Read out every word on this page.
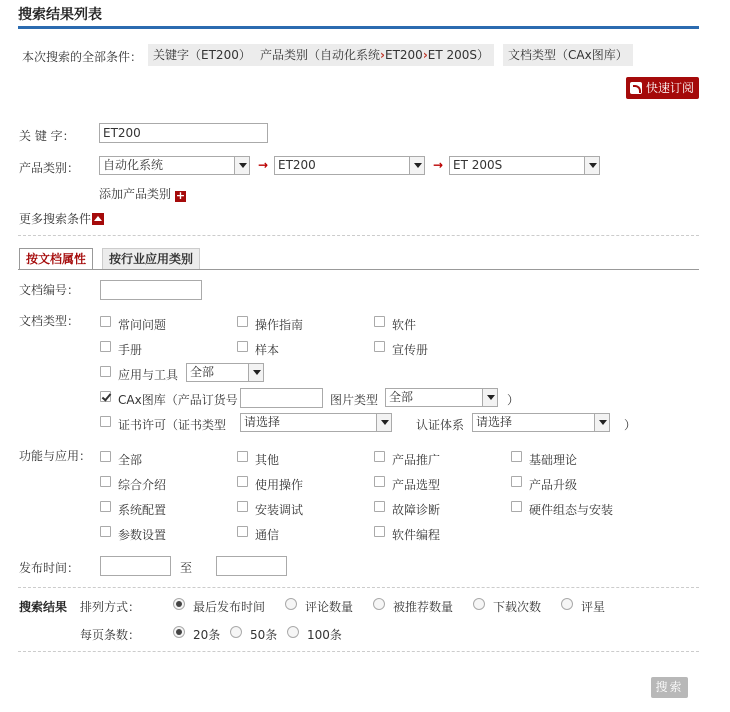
搜索结果列表
本次搜索的全部条件： 关键字（ET200） 产品类别（自动化系统›ET200›ET 200S）	文档类型（CAx图库）
快速订阅
关 键 字：	ET200
产品类别：	自动化系统	→ ET200	→ ET 200S
添加产品类别 +
更多搜索条件
按文档属性	按行业应用类别
文档编号：
文档类型：	常问问题	操作指南	软件
手册	样本	宣传册
应用与工具 全部
CAx图库（产品订货号	图片类型 全部	）
证书许可（证书类型	请选择	认证体系 请选择	）
功能与应用： 全部	其他	产品推广	基础理论
综合介绍	使用操作	产品选型	产品升级
系统配置	安装调试	故障诊断	硬件组态与安装
参数设置	通信	软件编程
发布时间：	至
搜索结果 排列方式：	最后发布时间	评论数量	被推荐数量	下载次数	评星
每页条数：	20条 50条 100条
搜索
